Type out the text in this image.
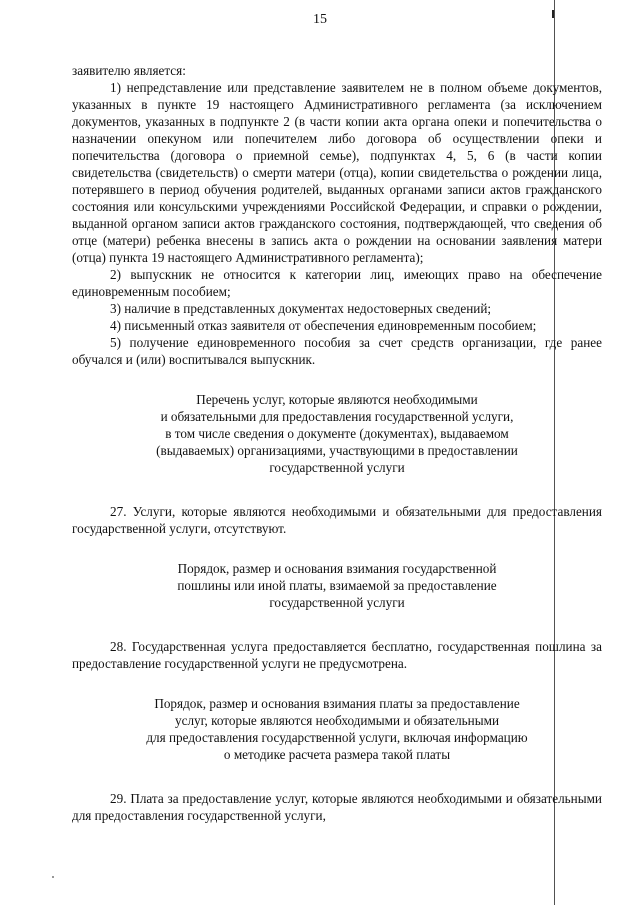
15

заявителю является:

1) непредставление или представление заявителем не в полном объеме документов, указанных в пункте 19 настоящего Административного регламента (за исключением документов, указанных в подпункте 2 (в части копии акта органа опеки и попечительства о назначении опекуном или попечителем либо договора об осуществлении опеки и попечительства (договора о приемной семье), подпунктах 4, 5, 6 (в части копии свидетельства (свидетельств) о смерти матери (отца), копии свидетельства о рождении лица, потерявшего в период обучения родителей, выданных органами записи актов гражданского состояния или консульскими учреждениями Российской Федерации, и справки о рождении, выданной органом записи актов гражданского состояния, подтверждающей, что сведения об отце (матери) ребенка внесены в запись акта о рождении на основании заявления матери (отца) пункта 19 настоящего Административного регламента);

2) выпускник не относится к категории лиц, имеющих право на обеспечение единовременным пособием;

3) наличие в представленных документах недостоверных сведений;

4) письменный отказ заявителя от обеспечения единовременным пособием;

5) получение единовременного пособия за счет средств организации, где ранее обучался и (или) воспитывался выпускник.

Перечень услуг, которые являются необходимыми
и обязательными для предоставления государственной услуги,
в том числе сведения о документе (документах), выдаваемом
(выдаваемых) организациями, участвующими в предоставлении
государственной услуги

27. Услуги, которые являются необходимыми и обязательными для предоставления государственной услуги, отсутствуют.

Порядок, размер и основания взимания государственной
пошлины или иной платы, взимаемой за предоставление
государственной услуги

28. Государственная услуга предоставляется бесплатно, государственная пошлина за предоставление государственной услуги не предусмотрена.

Порядок, размер и основания взимания платы за предоставление
услуг, которые являются необходимыми и обязательными
для предоставления государственной услуги, включая информацию
о методике расчета размера такой платы

29. Плата за предоставление услуг, которые являются необходимыми и обязательными для предоставления государственной услуги,
